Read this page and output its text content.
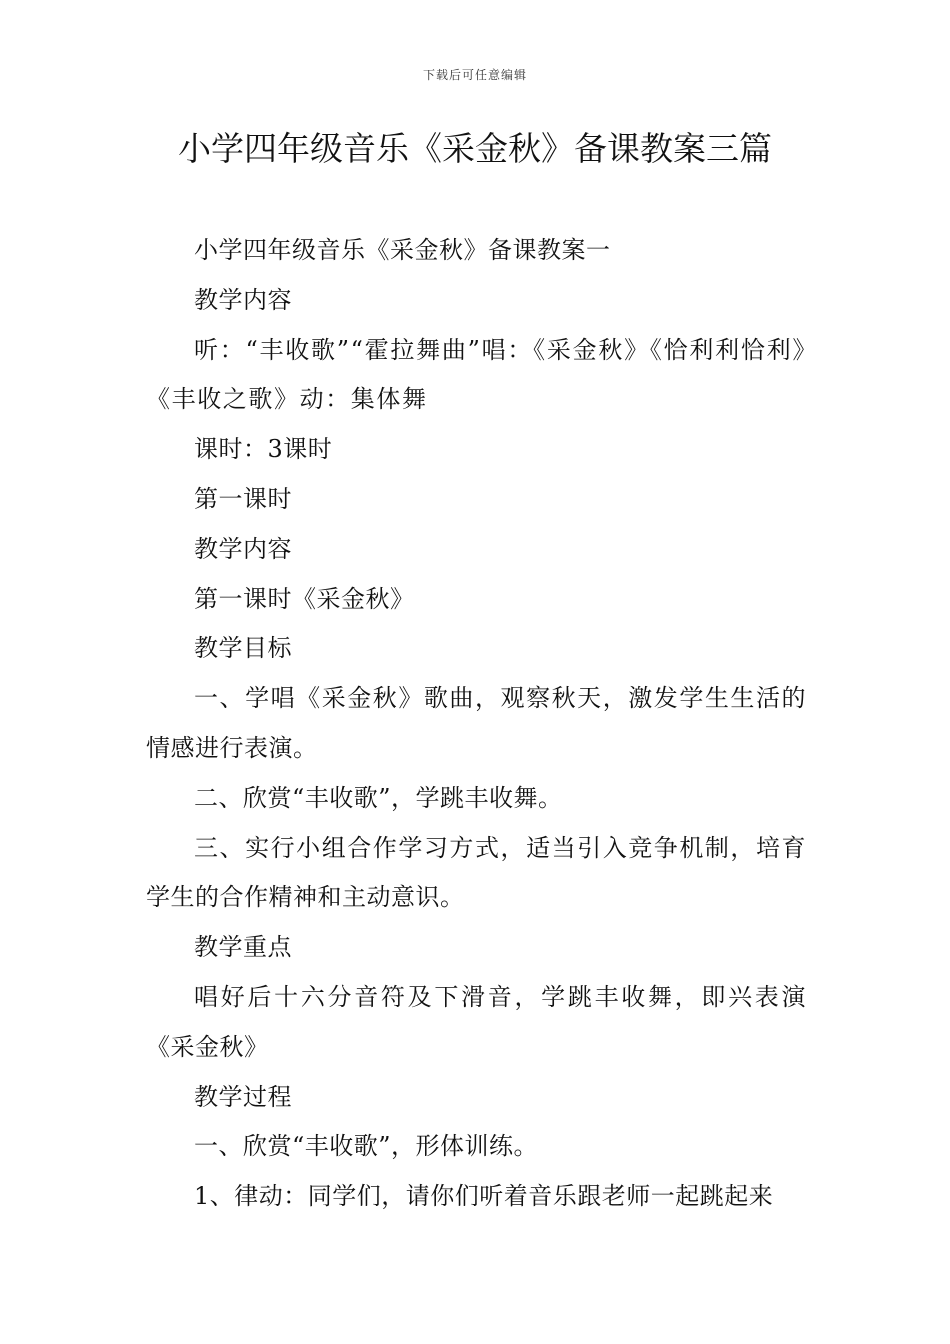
下载后可任意编辑
小学四年级音乐《采金秋》备课教案三篇

小学四年级音乐《采金秋》备课教案一

教学内容

听：“丰收歌”“霍拉舞曲”唱：《采金秋》《恰利利恰利》《丰收之歌》动：集体舞

课时：3课时

第一课时

教学内容

第一课时《采金秋》

教学目标

一、学唱《采金秋》歌曲，观察秋天，激发学生生活的情感进行表演。

二、欣赏“丰收歌”，学跳丰收舞。

三、实行小组合作学习方式，适当引入竞争机制，培育学生的合作精神和主动意识。

教学重点

唱好后十六分音符及下滑音，学跳丰收舞，即兴表演《采金秋》

教学过程

一、欣赏“丰收歌”，形体训练。

1、律动：同学们，请你们听着音乐跟老师一起跳起来
